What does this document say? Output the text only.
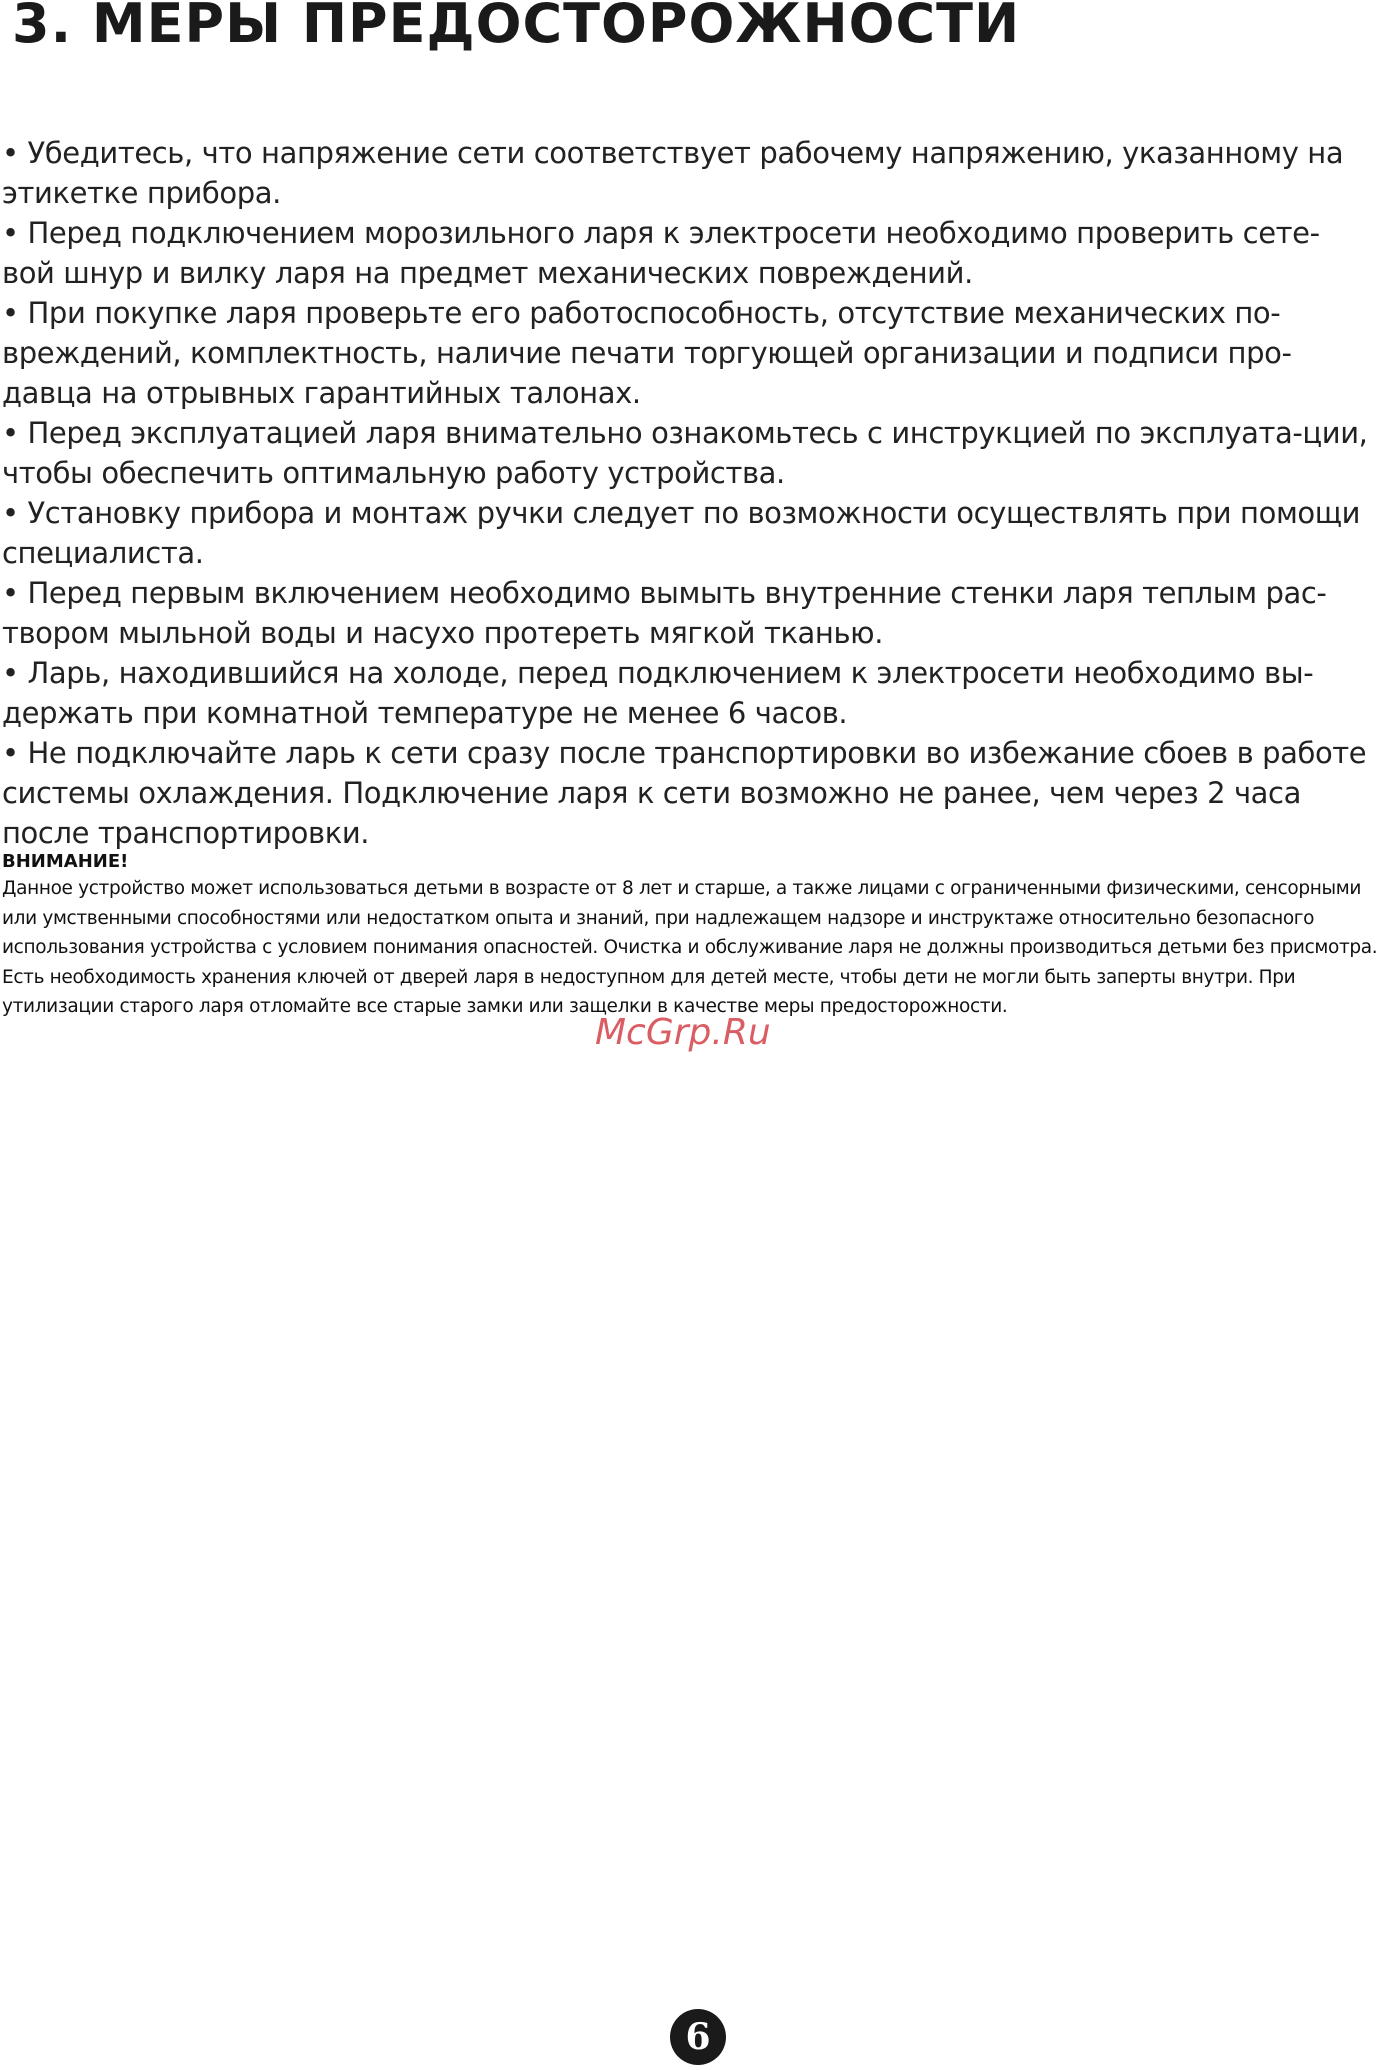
3. МЕРЫ ПРЕДОСТОРОЖНОСТИ
• Убедитесь, что напряжение сети соответствует рабочему напряжению, указанному на этикетке прибора.
• Перед подключением морозильного ларя к электросети необходимо проверить сете-вой шнур и вилку ларя на предмет механических повреждений.
• При покупке ларя проверьте его работоспособность, отсутствие механических по-вреждений, комплектность, наличие печати торгующей организации и подписи про-давца на отрывных гарантийных талонах.
• Перед эксплуатацией ларя внимательно ознакомьтесь с инструкцией по эксплуата-ции, чтобы обеспечить оптимальную работу устройства.
• Установку прибора и монтаж ручки следует по возможности осуществлять при помощи специалиста.
• Перед первым включением необходимо вымыть внутренние стенки ларя теплым рас-твором мыльной воды и насухо протереть мягкой тканью.
• Ларь, находившийся на холоде, перед подключением к электросети необходимо вы-держать при комнатной температуре не менее 6 часов.
• Не подключайте ларь к сети сразу после транспортировки во избежание сбоев в работе системы охлаждения. Подключение ларя к сети возможно не ранее, чем через 2 часа после транспортировки.
ВНИМАНИЕ!

Данное устройство может использоваться детьми в возрасте от 8 лет и старше, а также лицами с ограниченными физическими, сенсорными или умственными способностями или недостатком опыта и знаний, при надлежащем надзоре и инструктаже относительно безопасного использования устройства с условием понимания опасностей. Очистка и обслуживание ларя не должны производиться детьми без присмотра.

Есть необходимость хранения ключей от дверей ларя в недоступном для детей месте, чтобы дети не могли быть заперты внутри. При утилизации старого ларя отломайте все старые замки или защелки в качестве меры предосторожности.

McGrp.Ru
6
